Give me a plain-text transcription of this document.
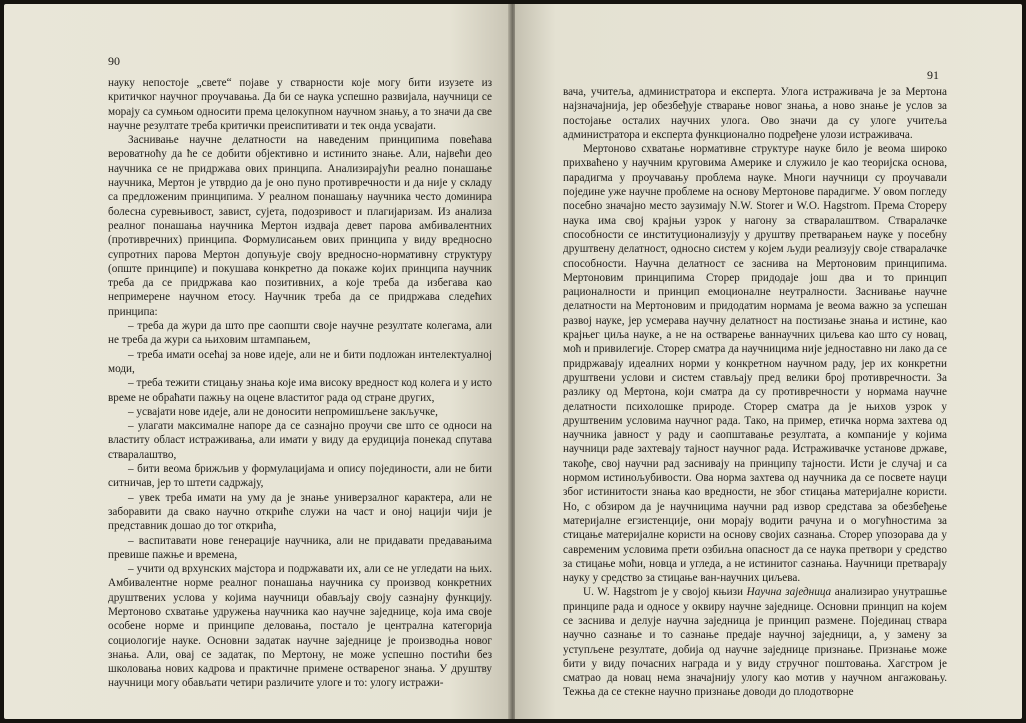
90

науку непостоје „свете“ појаве у стварности које могу бити изузете из критичког научног проучавања. Да би се наука успешно развијала, научници се морају са сумњом односити према целокупном научном знању, а то значи да све научне резултате треба критички преиспитивати и тек онда усвајати.

Заснивање научне делатности на наведеним принципима повећава вероватноћу да ће се добити објективно и истинито знање. Али, највећи део научника се не придржава ових принципа. Анализирајући реално понашање научника, Мертон је утврдио да је оно пуно противречности и да није у складу са предложеним принципима. У реалном понашању научника често доминира болесна суревњивост, завист, сујета, подозривост и плагијаризам. Из анализа реалног понашања научника Мертон издваја девет парова амбивалентних (противречних) принципа. Формулисањем ових принципа у виду вредносно супротних парова Мертон допуњује своју вредносно-нормативну структуру (опште принципе) и покушава конкретно да покаже којих принципа научник треба да се придржава као позитивних, а које треба да избегава као непримерене научном етосу. Научник треба да се придржава следећих принципа:

– треба да жури да што пре саопшти своје научне резултате колегама, али не треба да жури са њиховим штампањем,

– треба имати осећај за нове идеје, али не и бити подложан интелектуалној моди,

– треба тежити стицању знања које има високу вредност код колега и у исто време не обраћати пажњу на оцене властитог рада од стране других,

– усвајати нове идеје, али не доносити непромишљене закључке,

– улагати максималне напоре да се сазнајно проучи све што се односи на властиту област истраживања, али имати у виду да ерудиција понекад спутава стваралаштво,

– бити веома брижљив у формулацијама и опису појединости, али не бити ситничав, јер то штети садржају,

– увек треба имати на уму да је знање универзалног карактера, али не заборавити да свако научно откриће служи на част и оној нацији чији је представник дошао до тог открића,

– васпитавати нове генерације научника, али не придавати предавањима превише пажње и времена,

– учити од врхунских мајстора и подржавати их, али се не угледати на њих. Амбивалентне норме реалног понашања научника су производ конкретних друштвених услова у којима научници обављају своју сазнајну функцију. Мертоново схватање удружења научника као научне заједнице, која има своје особене норме и принципе деловања, постало је централна категорија социологије науке. Основни задатак научне заједнице је производња новог знања. Али, овај се задатак, по Мертону, не може успешно постићи без школовања нових кадрова и практичне примене оствареног знања. У друштву научници могу обављати четири различите улоге и то: улогу истражи-

91

вача, учитеља, администратора и експерта. Улога истраживача је за Мертона најзначајнија, јер обезбеђује стварање новог знања, а ново знање је услов за постојање осталих научних улога. Ово значи да су улоге учитеља администратора и експерта функционално подређене улози истраживача.

Мертоново схватање нормативне структуре науке било је веома широко прихваћено у научним круговима Америке и служило је као теоријска основа, парадигма у проучавању проблема науке. Многи научници су проучавали поједине уже научне проблеме на основу Мертонове парадигме. У овом погледу посебно значајно место заузимају N.W. Storer и W.O. Hagstrom. Према Стореру наука има свој крајњи узрок у нагону за стваралаштвом. Стваралачке способности се институционализују у друштву претварањем науке у посебну друштвену делатност, односно систем у којем људи реализују своје стваралачке способности. Научна делатност се заснива на Мертоновим принципима. Мертоновим принципима Сторер придодаје још два и то принцип рационалности и принцип емоционалне неутралности. Заснивање научне делатности на Мертоновим и придодатим нормама је веома важно за успешан развој науке, јер усмерава научну делатност на постизање знања и истине, као крајњег циља науке, а не на остварење ваннаучних циљева као што су новац, моћ и привилегије. Сторер сматра да научницима није једноставно ни лако да се придржавају идеалних норми у конкретном научном раду, јер их конкретни друштвени услови и систем стављају пред велики број противречности. За разлику од Мертона, који сматра да су противречности у нормама научне делатности психолошке природе. Сторер сматра да је њихов узрок у друштвеним условима научног рада. Тако, на пример, етичка норма захтева од научника јавност у раду и саопштавање резултата, а компаније у којима научници раде захтевају тајност научног рада. Истраживачке установе државе, такође, свој научни рад заснивају на принципу тајности. Исти је случај и са нормом истинољубивости. Ова норма захтева од научника да се посвете науци због истинитости знања као вредности, не због стицања материјалне користи. Но, с обзиром да је научницима научни рад извор средстава за обезбеђење материјалне егзистенције, они морају водити рачуна и о могућностима за стицање материјалне користи на основу својих сазнања. Сторер упозорава да у савременим условима прети озбиљна опасност да се наука претвори у средство за стицање моћи, новца и угледа, а не истинитог сазнања. Научници претварају науку у средство за стицање ван-научних циљева.

U. W. Hagstrom је у својој књизи Научна заједница анализирао унутрашње принципе рада и односе у оквиру научне заједнице. Основни принцип на којем се заснива и делује научна заједница је принцип размене. Појединац ствара научно сазнање и то сазнање предаје научној заједници, а, у замену за уступљене резултате, добија од научне заједнице признање. Признање може бити у виду почасних награда и у виду стручног поштовања. Хагстром је сматрао да новац нема значајнију улогу као мотив у научном ангажовању. Тежња да се стекне научно признање доводи до плодотворне
